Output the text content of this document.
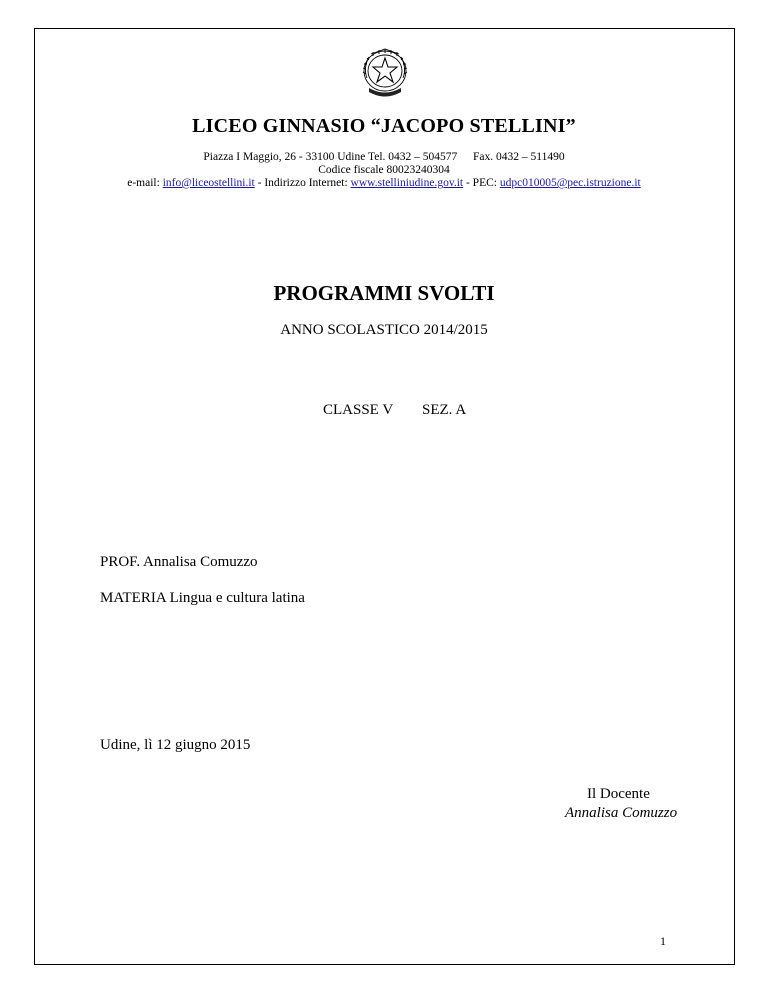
LICEO GINNASIO “JACOPO STELLINI”
Piazza I Maggio, 26 - 33100 Udine Tel. 0432 – 504577 Fax. 0432 – 511490
Codice fiscale 80023240304
e-mail: info@liceostellini.it - Indirizzo Internet: www.stelliniudine.gov.it - PEC: udpc010005@pec.istruzione.it
PROGRAMMI SVOLTI
ANNO SCOLASTICO 2014/2015
CLASSE V SEZ. A
PROF. Annalisa Comuzzo
MATERIA Lingua e cultura latina
Udine, lì 12 giugno 2015
Il Docente
Annalisa Comuzzo
1
